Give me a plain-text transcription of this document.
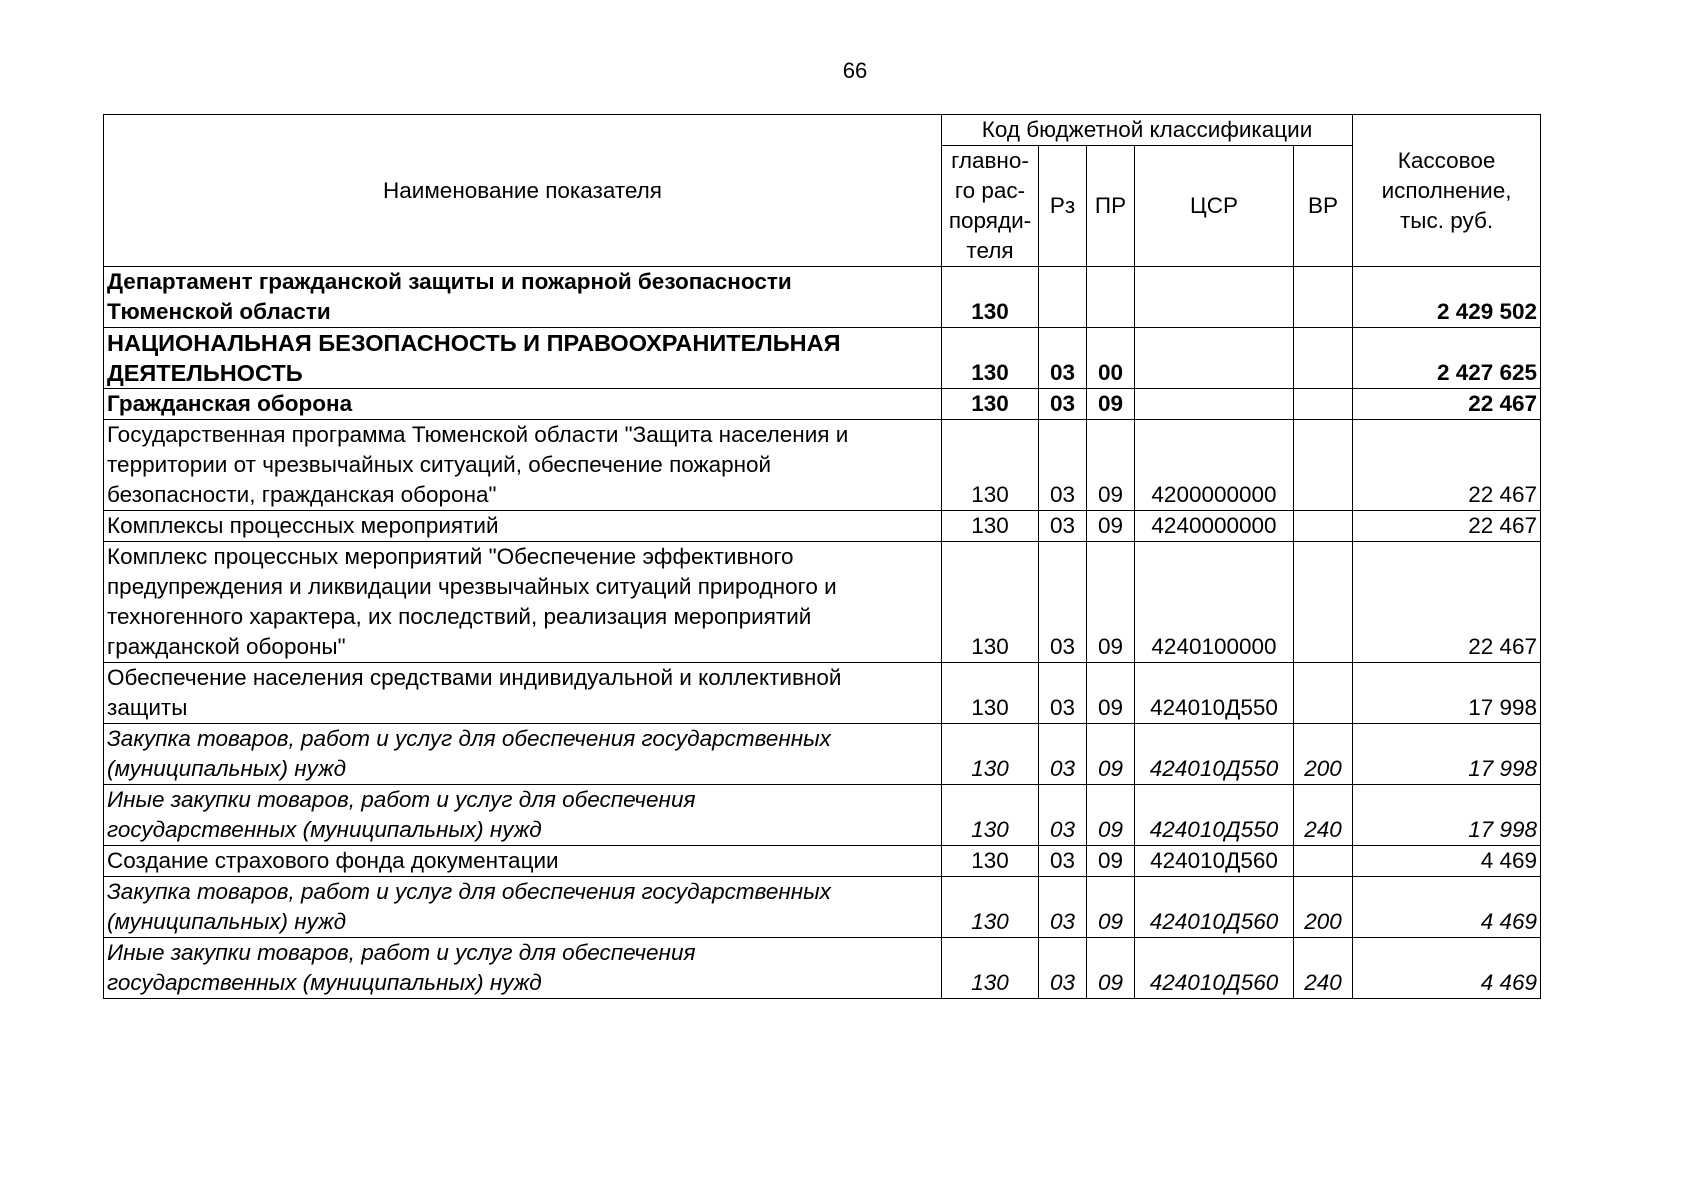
66
Наименование показателя	Код бюджетной классификации					Кассовое
исполнение,
тыс. руб.

	главно-
го рас-
поряди-
теля	Рз	ПР	ЦСР	ВР	

Департамент гражданской защиты и пожарной безопасности
Тюменской области	130					2 429 502

НАЦИОНАЛЬНАЯ БЕЗОПАСНОСТЬ И ПРАВООХРАНИТЕЛЬНАЯ
ДЕЯТЕЛЬНОСТЬ	130	03	00			2 427 625

Гражданская оборона	130	03	09			22 467

Государственная программа Тюменской области "Защита населения и
территории от чрезвычайных ситуаций, обеспечение пожарной
безопасности, гражданская оборона"	130	03	09	4200000000		22 467

Комплексы процессных мероприятий	130	03	09	4240000000		22 467

Комплекс процессных мероприятий "Обеспечение эффективного
предупреждения и ликвидации чрезвычайных ситуаций природного и
техногенного характера, их последствий, реализация мероприятий
гражданской обороны"	130	03	09	4240100000		22 467

Обеспечение населения средствами индивидуальной и коллективной
защиты	130	03	09	424010Д550		17 998

Закупка товаров, работ и услуг для обеспечения государственных
(муниципальных) нужд	130	03	09	424010Д550	200	17 998

Иные закупки товаров, работ и услуг для обеспечения
государственных (муниципальных) нужд	130	03	09	424010Д550	240	17 998

Создание страхового фонда документации	130	03	09	424010Д560		4 469

Закупка товаров, работ и услуг для обеспечения государственных
(муниципальных) нужд	130	03	09	424010Д560	200	4 469

Иные закупки товаров, работ и услуг для обеспечения
государственных (муниципальных) нужд	130	03	09	424010Д560	240	4 469
